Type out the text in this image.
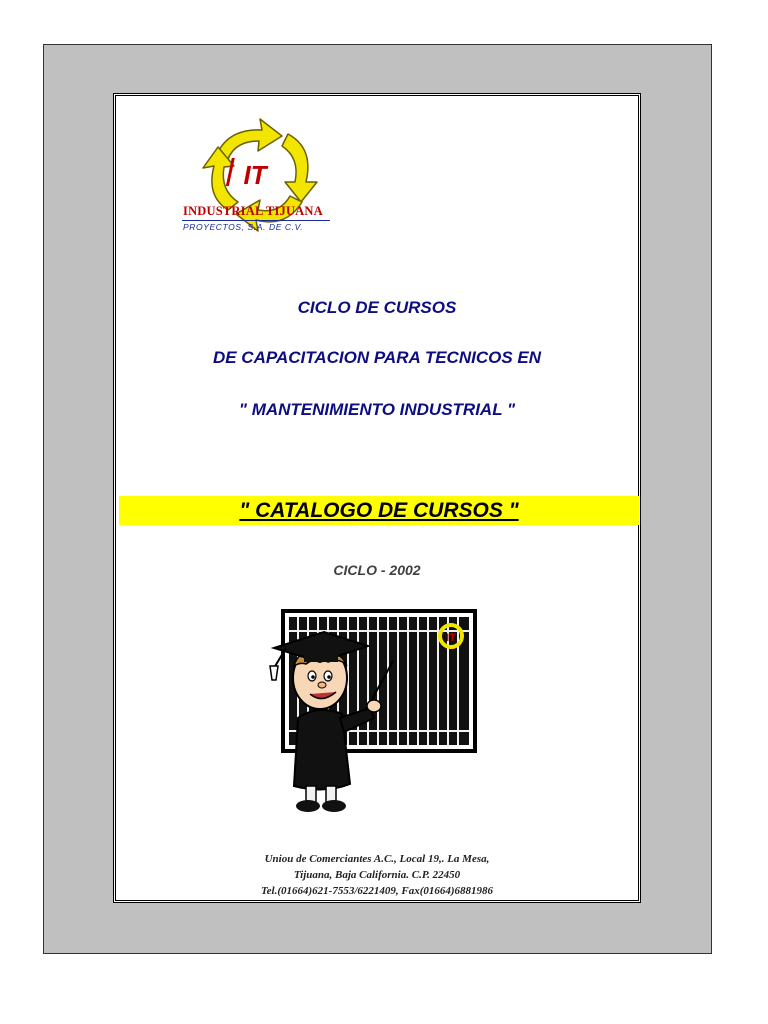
IT
INDUSTRIAL TIJUANA
PROYECTOS, S.A. DE C.V.
CICLO DE CURSOS
DE CAPACITACION PARA TECNICOS EN
" MANTENIMIENTO INDUSTRIAL "
" CATALOGO DE CURSOS "
CICLO - 2002
IT
Uniou de Comerciantes A.C., Local 19,. La Mesa,
Tijuana, Baja California. C.P. 22450
Tel.(01664)621-7553/6221409, Fax(01664)6881986
